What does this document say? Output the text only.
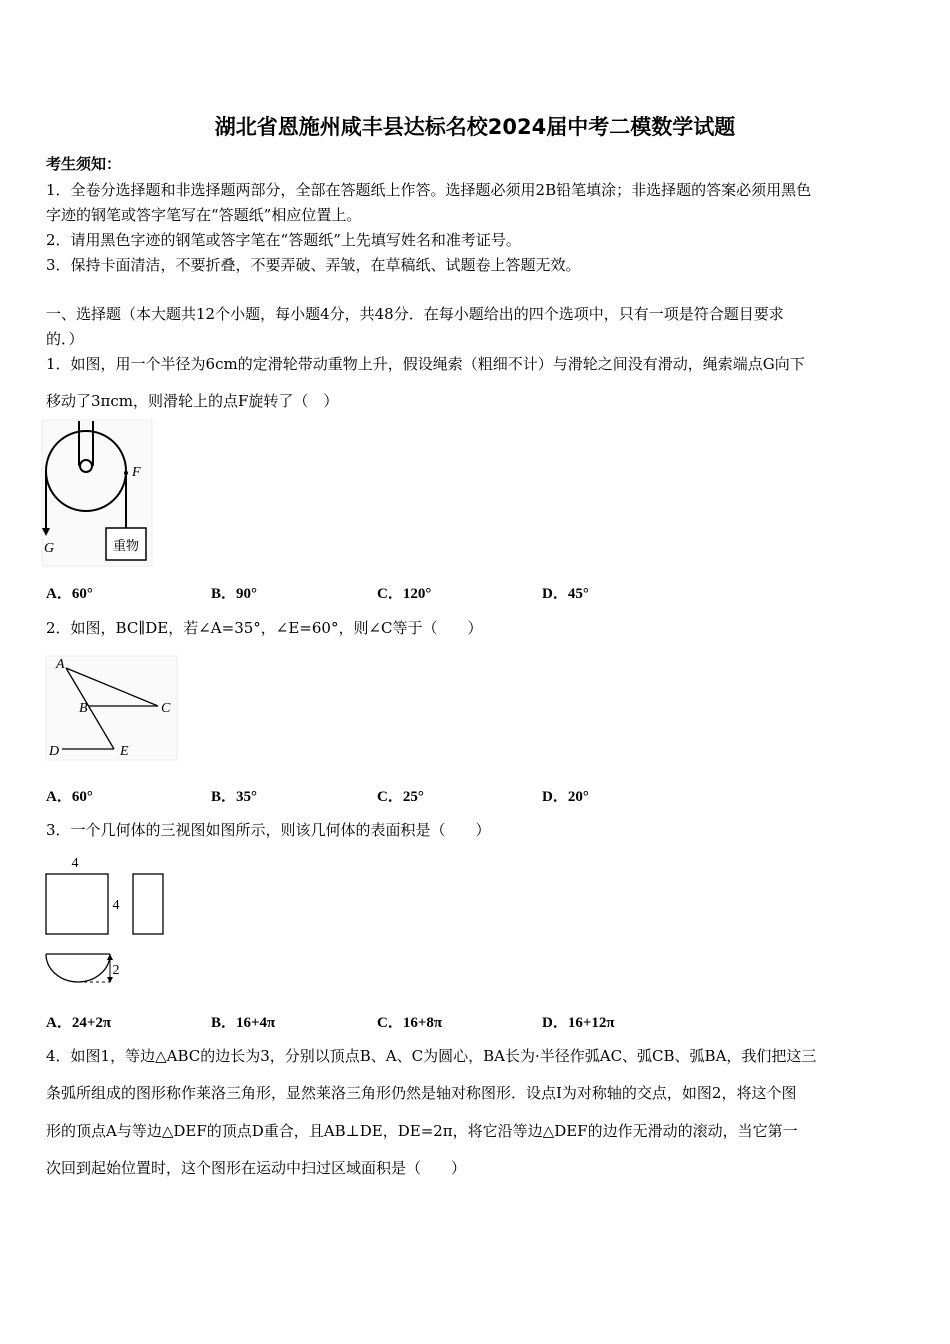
湖北省恩施州咸丰县达标名校2024届中考二模数学试题
考生须知：
1．全卷分选择题和非选择题两部分，全部在答题纸上作答。选择题必须用2B铅笔填涂；非选择题的答案必须用黑色
字迹的钢笔或答字笔写在“答题纸”相应位置上。
2．请用黑色字迹的钢笔或答字笔在“答题纸”上先填写姓名和准考证号。
3．保持卡面清洁，不要折叠，不要弄破、弄皱，在草稿纸、试题卷上答题无效。
一、选择题（本大题共12个小题，每小题4分，共48分．在每小题给出的四个选项中，只有一项是符合题目要求
的．）
1．如图，用一个半径为6cm的定滑轮带动重物上升，假设绳索（粗细不计）与滑轮之间没有滑动，绳索端点G向下
移动了3πcm，则滑轮上的点F旋转了（　）
F
G	重物
A．60°	B．90°	C．120°	D．45°
2．如图，BC∥DE，若∠A=35°，∠E=60°，则∠C等于（　　）
A
B	C
D	E
A．60°	B．35°	C．25°	D．20°
3．一个几何体的三视图如图所示，则该几何体的表面积是（　　）
4
4
2
A．24+2π	B．16+4π	C．16+8π	D．16+12π
4．如图1，等边△ABC的边长为3，分别以顶点B、A、C为圆心，BA长为·半径作弧AC、弧CB、弧BA，我们把这三
条弧所组成的图形称作莱洛三角形，显然莱洛三角形仍然是轴对称图形．设点I为对称轴的交点，如图2，将这个图
形的顶点A与等边△DEF的顶点D重合，且AB⊥DE，DE=2π，将它沿等边△DEF的边作无滑动的滚动，当它第一
次回到起始位置时，这个图形在运动中扫过区域面积是（　　）
